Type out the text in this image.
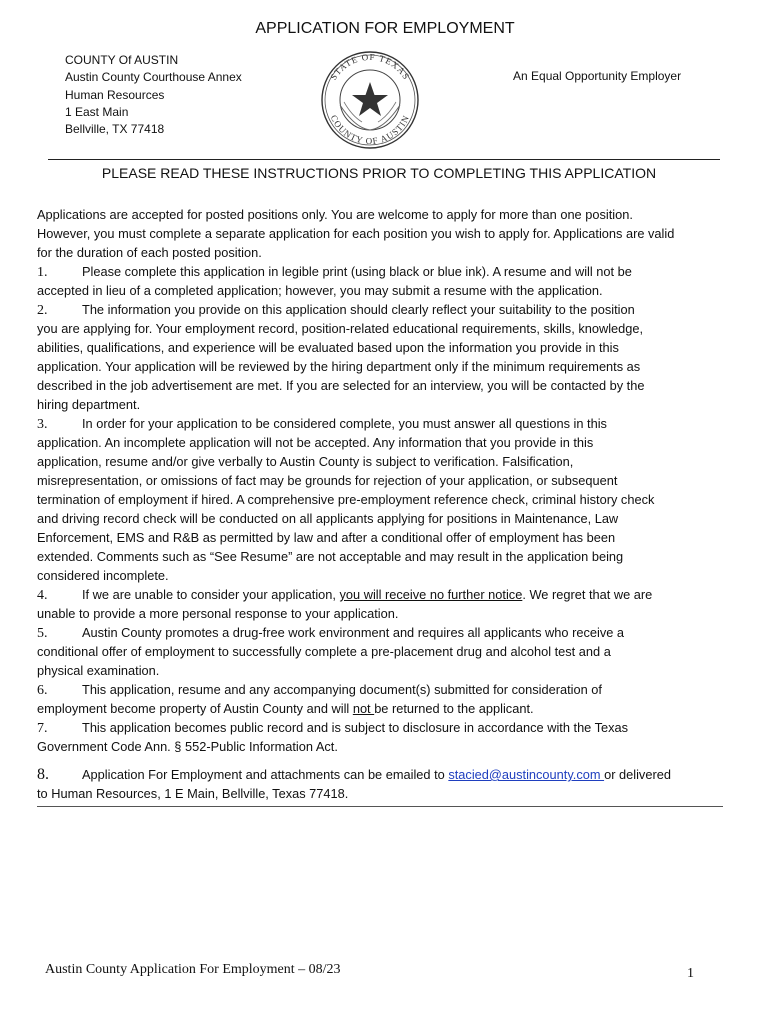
APPLICATION FOR EMPLOYMENT
COUNTY Of AUSTIN
Austin County Courthouse Annex
Human Resources
1 East Main
Bellville, TX 77418
An Equal Opportunity Employer
STATE OF TEXAS
COUNTY OF AUSTIN
PLEASE READ THESE INSTRUCTIONS PRIOR TO COMPLETING THIS APPLICATION
Applications are accepted for posted positions only. You are welcome to apply for more than one position.
However, you must complete a separate application for each position you wish to apply for. Applications are valid
for the duration of each posted position.
1.	Please complete this application in legible print (using black or blue ink). A resume and will not be
accepted in lieu of a completed application; however, you may submit a resume with the application.
2.	The information you provide on this application should clearly reflect your suitability to the position
you are applying for. Your employment record, position-related educational requirements, skills, knowledge,
abilities, qualifications, and experience will be evaluated based upon the information you provide in this
application. Your application will be reviewed by the hiring department only if the minimum requirements as
described in the job advertisement are met. If you are selected for an interview, you will be contacted by the
hiring department.
3.	In order for your application to be considered complete, you must answer all questions in this
application. An incomplete application will not be accepted. Any information that you provide in this
application, resume and/or give verbally to Austin County is subject to verification. Falsification,
misrepresentation, or omissions of fact may be grounds for rejection of your application, or subsequent
termination of employment if hired. A comprehensive pre-employment reference check, criminal history check
and driving record check will be conducted on all applicants applying for positions in Maintenance, Law
Enforcement, EMS and R&B as permitted by law and after a conditional offer of employment has been
extended. Comments such as “See Resume” are not acceptable and may result in the application being
considered incomplete.
4.	If we are unable to consider your application, you will receive no further notice. We regret that we are
unable to provide a more personal response to your application.
5.	Austin County promotes a drug-free work environment and requires all applicants who receive a
conditional offer of employment to successfully complete a pre-placement drug and alcohol test and a
physical examination.
6.	This application, resume and any accompanying document(s) submitted for consideration of
employment become property of Austin County and will not be returned to the applicant.
7.	This application becomes public record and is subject to disclosure in accordance with the Texas
Government Code Ann. § 552-Public Information Act.
8.	Application For Employment and attachments can be emailed to stacied@austincounty.com or delivered
to Human Resources, 1 E Main, Bellville, Texas 77418.
Austin County Application For Employment – 08/23	1
